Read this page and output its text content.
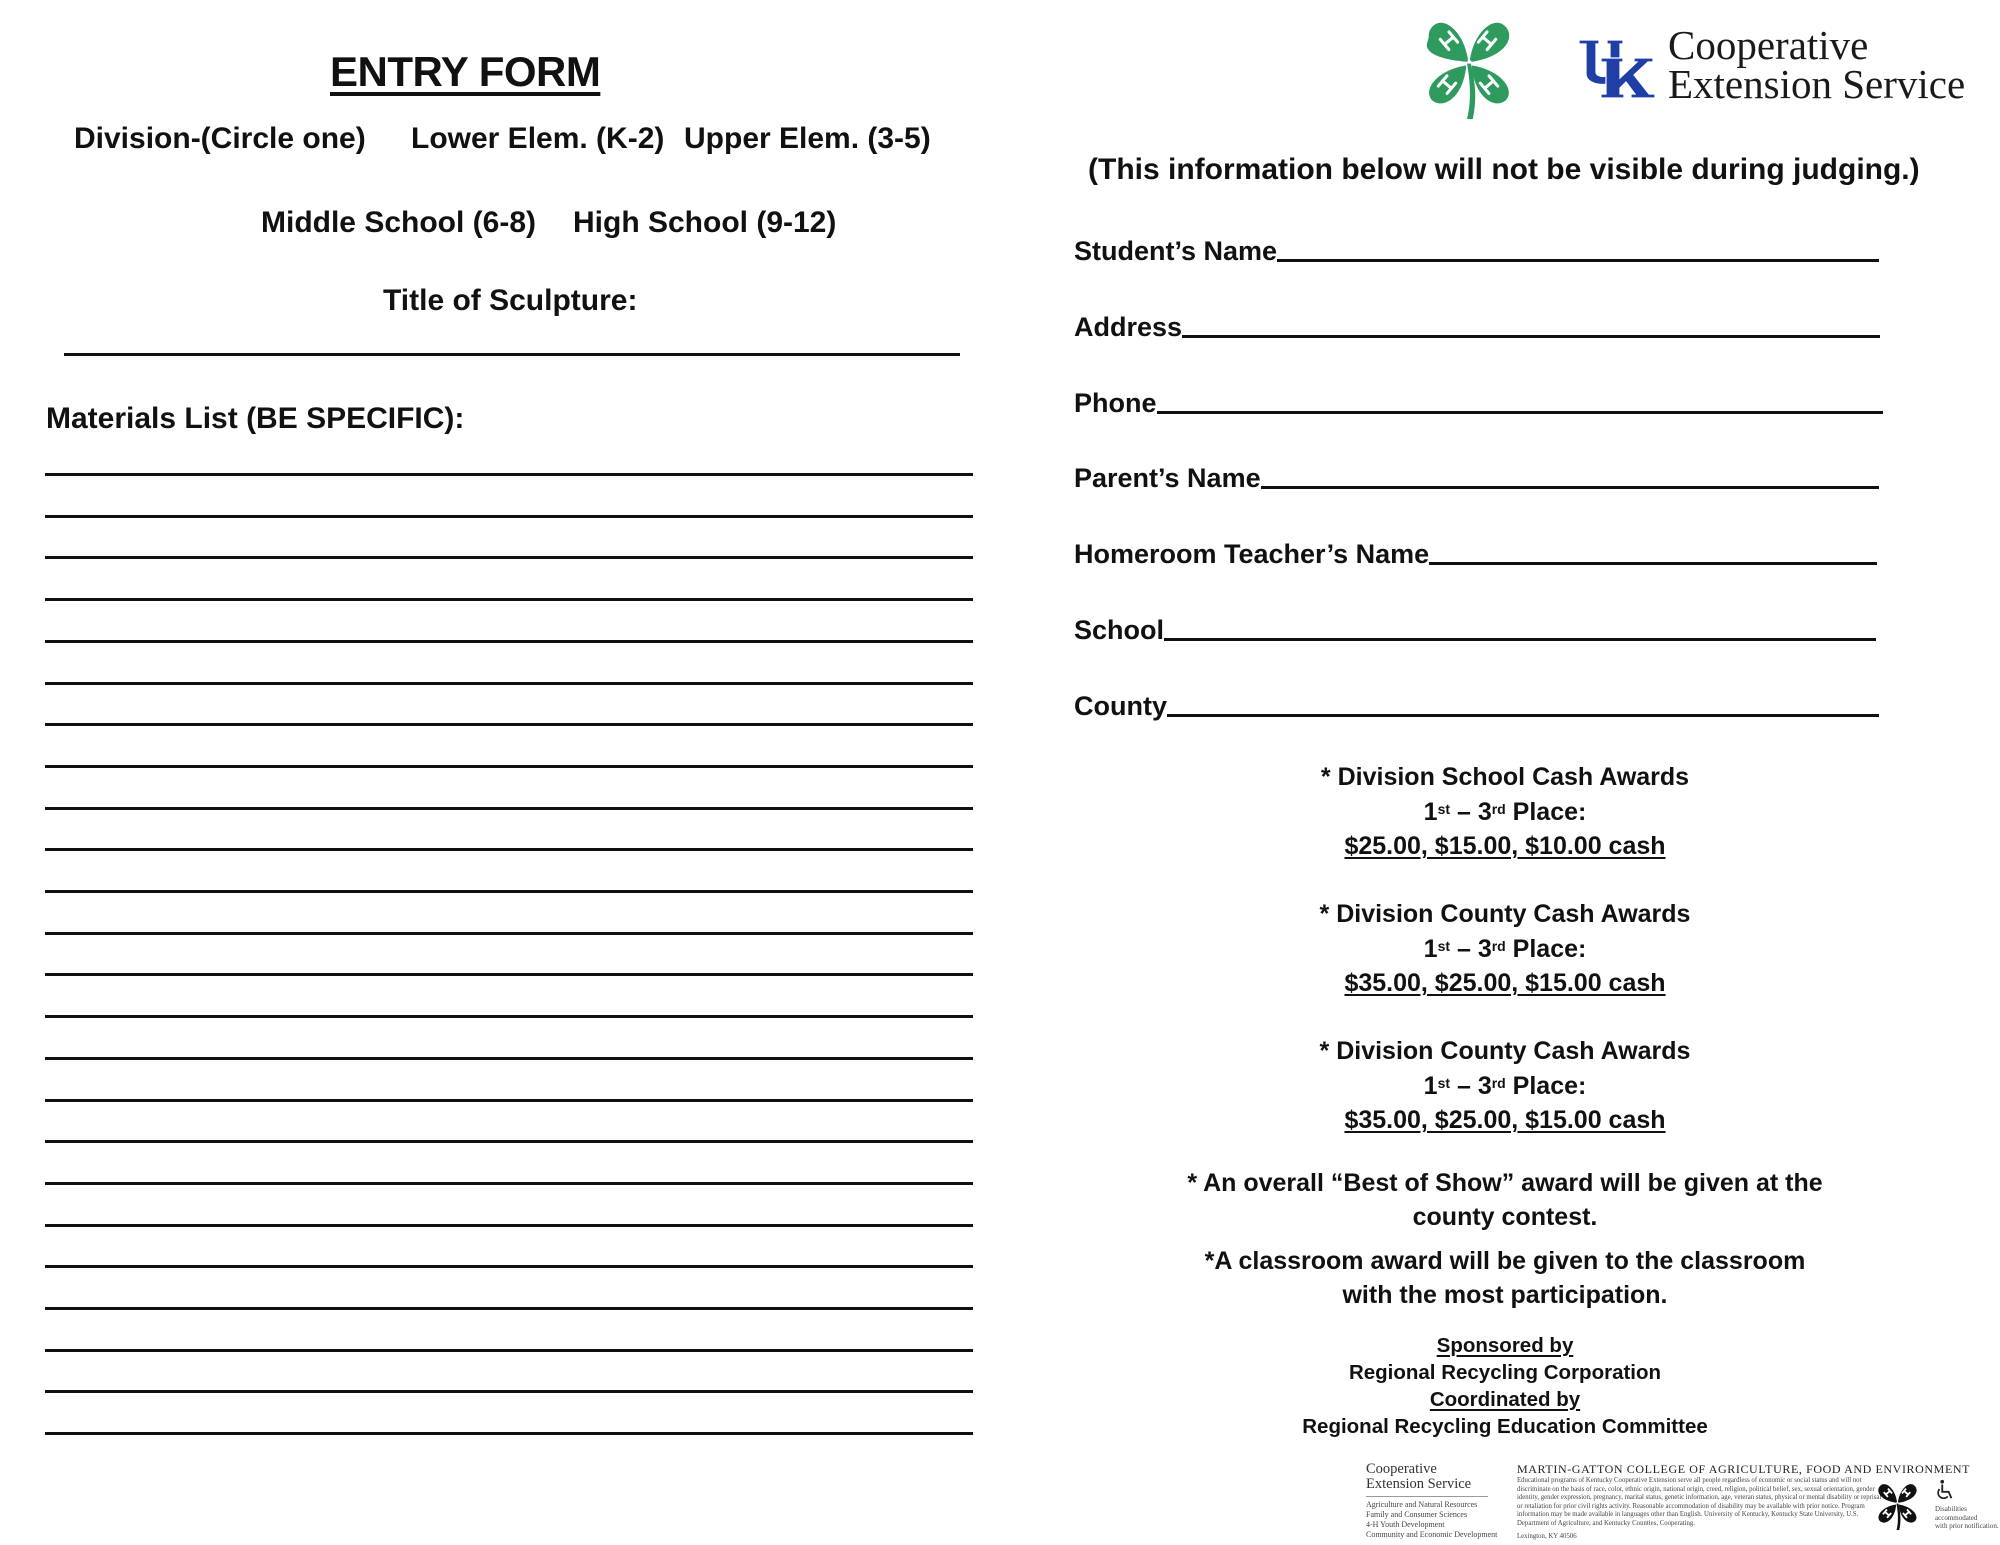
ENTRY FORM
Division-(Circle one) Lower Elem. (K-2) Upper Elem. (3-5)
Middle School (6-8) High School (9-12)
Title of Sculpture:
Materials List (BE SPECIFIC):
Cooperative
Extension Service
(This information below will not be visible during judging.)
Student’s Name
Address
Phone
Parent’s Name
Homeroom Teacher’s Name
School
County
* Division School Cash Awards
1st – 3rd Place:
$25.00, $15.00, $10.00 cash
* Division County Cash Awards
1st – 3rd Place:
$35.00, $25.00, $15.00 cash
* Division County Cash Awards
1st – 3rd Place:
$35.00, $25.00, $15.00 cash
* An overall “Best of Show” award will be given at the
county contest.
*A classroom award will be given to the classroom
with the most participation.
Sponsored by
Regional Recycling Corporation
Coordinated by
Regional Recycling Education Committee
Cooperative
Extension Service
Agriculture and Natural Resources
Family and Consumer Sciences
4-H Youth Development
Community and Economic Development
MARTIN-GATTON COLLEGE OF AGRICULTURE, FOOD AND ENVIRONMENT
Educational programs of Kentucky Cooperative Extension serve all people regardless of economic or social status and will not discriminate on the basis of race, color, ethnic origin, national origin, creed, religion, political belief, sex, sexual orientation, gender identity, gender expression, pregnancy, marital status, genetic information, age, veteran status, physical or mental disability or reprisal or retaliation for prior civil rights activity. Reasonable accommodation of disability may be available with prior notice. Program information may be made available in languages other than English. University of Kentucky, Kentucky State University, U.S. Department of Agriculture, and Kentucky Counties, Cooperating.
Lexington, KY 40506
Disabilities
accommodated
with prior notification.
